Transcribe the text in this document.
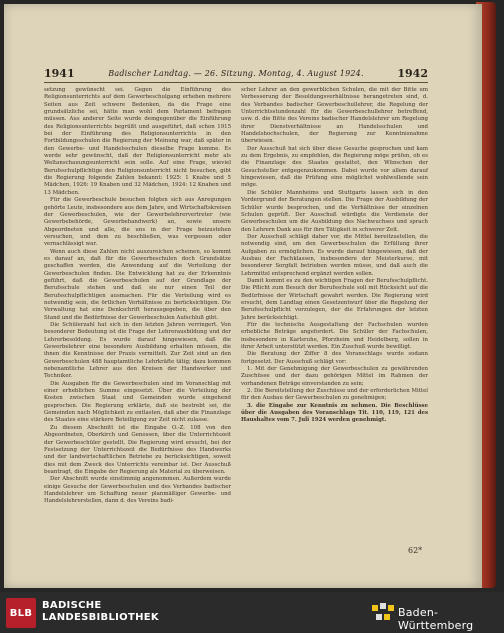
1941	Badischer Landtag. — 26. Sitzung. Montag, 4. August 1924.	1942

setzung gewünscht sei. Gegen die Einführung des Religionsunterrichts auf dem Gewerbeschulgang erheben mehrere Seiten aus Zeit schwere Bedenken, da die Frage eine grundsätzliche sei, hätte man wohl dem Parlament befragen müssen. Aus anderer Seite wurde demgegenüber die Einführung des Religionsunterrichts begrüßt und ausgeführt, daß schon 1915 bei der Einführung des Religionsunterrichts in den Fortbildungsschulen die Regierung der Meinung war, daß später in den Gewerbe- und Handelsschulen dieselbe Frage komme. Es werde sehr gewünscht, daß der Religionsunterricht mehr als Weltanschauungsunterricht sein solle. Auf eine Frage, wieviel Berufsschulpflichtige den Religionsunterricht nicht besuchen, gibt die Regierung folgende Zahlen bekannt: 1925: 1 Knabe und 5 Mädchen, 1926: 19 Knaben und 32 Mädchen, 1924: 12 Knaben und 13 Mädchen.

Für die Gewerbeschule besuchen folgten sich aus Anregungen gehörte Leute, insbesondere aus dem Jahre, und Wirtschaftskreisen der Gewerbeschulen, wie der Gewerbelehrervertreter (wie Gewerbebehörde, Gewerbehandwerk) an, sowie unsere Abgeordneten und alle, die uns in der Frage beizustehen versuchen, und dem zu beschließen, was vergessen oder vernachlässigt war.

Wenn auch diese Zahlen nicht auszureichen scheinen, so kommt es darauf an, daß für die Gewerbeschulen doch Grundsätze geschaffen werden, die Anwendung auf die Verteilung der Gewerbeschulen finden. Die Entwicklung hat zu der Erkenntnis geführt, daß die Gewerbeschulen auf der Grundlage der Berufsschule stehen und daß sie nur einen Teil der Berufsschulpflichtigen ausmachen. Für die Verteilung wird es notwendig sein, die örtlichen Verhältnisse zu berücksichtigen. Die Verwaltung hat eine Denkschrift herausgegeben, die über den Stand und die Bedürfnisse der Gewerbeschulen Aufschluß gibt.

Die Schülerzahl hat sich in den letzten Jahren verringert. Von besonderer Bedeutung ist die Frage der Lehrerausbildung und der Lehrerbesoldung. Es wurde darauf hingewiesen, daß die Gewerbelehrer eine besondere Ausbildung erhalten müssen, die ihnen die Kenntnisse der Praxis vermittelt. Zur Zeit sind an den Gewerbeschulen 488 hauptamtliche Lehrkräfte tätig; dazu kommen nebenamtliche Lehrer aus den Kreisen der Handwerker und Techniker.

Die Ausgaben für die Gewerbeschulen sind im Voranschlag mit einer erheblichen Summe eingesetzt. Über die Verteilung der Kosten zwischen Staat und Gemeinden wurde eingehend gesprochen. Die Regierung erklärte, daß sie bestrebt sei, die Gemeinden nach Möglichkeit zu entlasten, daß aber die Finanzlage des Staates eine stärkere Beteiligung zur Zeit nicht zulasse.

Zu diesem Abschnitt ist die Eingabe O.-Z. 108 von den Abgeordneten, Oberkirch und Genossen, über die Unterrichtszeit der Gewerbeschüler gestellt. Die Regierung wird ersucht, bei der Festsetzung der Unterrichtszeit die Bedürfnisse des Handwerks und der landwirtschaftlichen Betriebe zu berücksichtigen, soweit dies mit dem Zweck des Unterrichts vereinbar ist. Der Ausschuß beantragt, die Eingabe der Regierung als Material zu überweisen.

Der Abschnitt wurde einstimmig angenommen. Außerdem wurde einige Gesuche der Gewerbeschulen und des Verbandes badischer Handelslehrer um Schaffung neuer planmäßiger Gewerbe- und Handelslehrerstellen, dann d. des Vereins badi-

scher Lehrer an den gewerblichen Schulen, die mit der Bitte um Verbesserung der Besoldungsverhältnisse herangetreten sind, d. des Verbandes badischer Gewerbeschullehrer, die Regelung der Unterrichtsstundenzahl für die Gewerbeschullehrer betreffend, usw. d. die Bitte des Vereins badischer Handelslehrer um Regelung ihrer Dienstverhältnisse an Handelsschulen und Handelshochschulen, der Regierung zur Kenntnisnahme überwiesen.

Der Ausschuß hat sich über diese Gesuche gesprochen und kam zu dem Ergebnis, zu empfehlen, die Regierung möge prüfen, ob es die Finanzlage des Staates gestattet, den Wünschen der Gesuchsteller entgegenzukommen. Dabei wurde vor allem darauf hingewiesen, daß die Prüfung eine möglichst wohlwollende sein möge.

Die Schüler Mannheims und Stuttgarts lassen sich in den Vordergrund der Beratungen stellen. Die Frage der Ausbildung der Schüler wurde besprochen, und die Verhältnisse der einzelnen Schulen geprüft. Der Ausschuß würdigte die Verdienste der Gewerbeschulen um die Ausbildung des Nachwuchses und sprach den Lehrern Dank aus für ihre Tätigkeit in schwerer Zeit.

Der Ausschuß schlägt daher vor, die Mittel bereitzustellen, die notwendig sind, um den Gewerbeschulen die Erfüllung ihrer Aufgaben zu ermöglichen. Es wurde darauf hingewiesen, daß der Ausbau der Fachklassen, insbesondere der Meisterkurse, mit besonderer Sorgfalt betrieben werden müsse, und daß auch die Lehrmittel entsprechend ergänzt werden sollen.

Damit kommt es zu den wichtigen Fragen der Berufsschulpflicht. Die Pflicht zum Besuch der Berufsschule soll mit Rücksicht auf die Bedürfnisse der Wirtschaft gewahrt werden. Die Regierung wird ersucht, dem Landtag einen Gesetzentwurf über die Regelung der Berufsschulpflicht vorzulegen, der die Erfahrungen der letzten Jahre berücksichtigt.

Für die technische Ausgestaltung der Fachschulen wurden erhebliche Beträge angefordert. Die Schüler der Fachschulen, insbesondere in Karlsruhe, Pforzheim und Heidelberg, sollen in ihrer Arbeit unterstützt werden. Ein Zuschuß wurde bewilligt.

Die Beratung der Ziffer 8 des Voranschlags wurde sodann fortgesetzt. Der Ausschuß schlägt vor:

1. Mit der Genehmigung der Gewerbeschulen zu gewährenden Zuschüsse und der dazu gehörigen Mittel im Rahmen der vorhandenen Beträge einverstanden zu sein;

2. Die Bereitstellung der Zuschüsse und der erforderlichen Mittel für den Ausbau der Gewerbeschulen zu genehmigen;

3. die Eingabe zur Kenntnis zu nehmen. Die Beschlüsse über die Ausgaben des Voranschlags Tit. 110, 119, 121 des Haushaltes vom 7. Juli 1924 werden genehmigt.

62*
BLB
BADISCHE
LANDESBIBLIOTHEK	Baden-Württemberg
